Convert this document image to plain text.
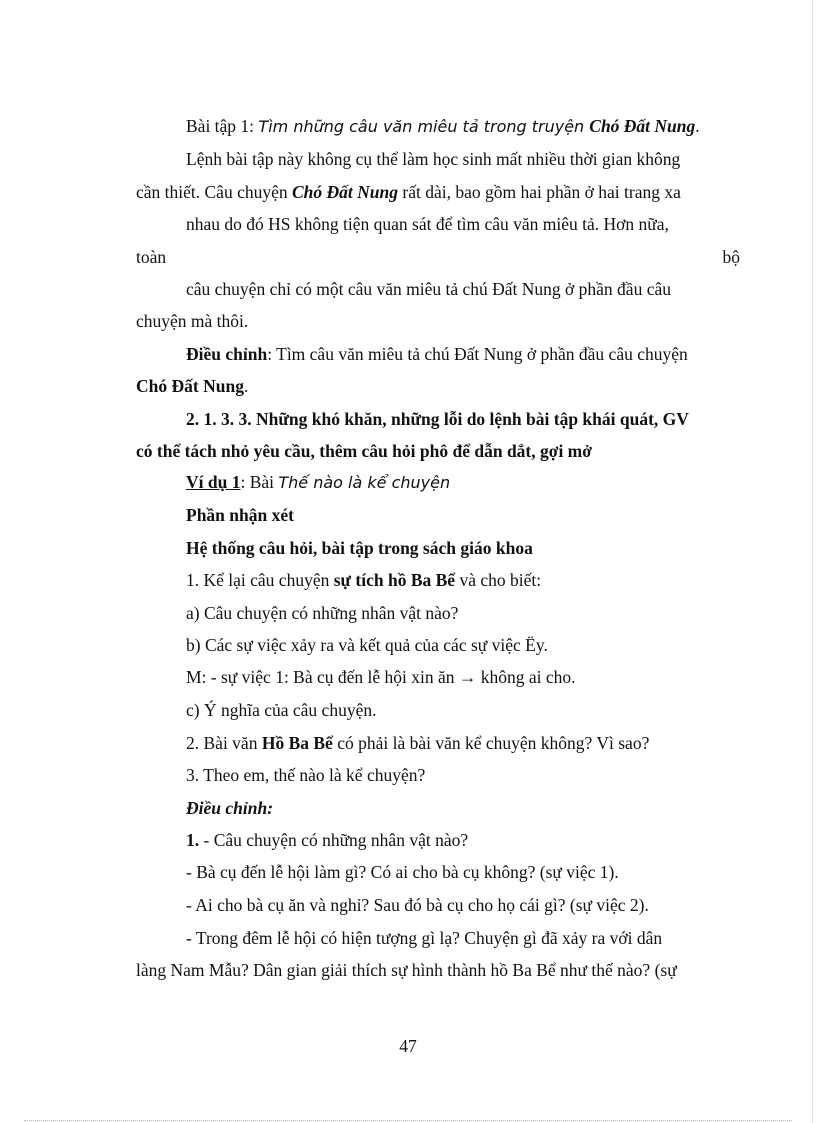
Bài tập 1: Tìm những câu văn miêu tả trong truyện Chó Đất Nung.
Lệnh bài tập này không cụ thể làm học sinh mất nhiều thời gian không
cần thiết. Câu chuyện Chó Đất Nung rất dài, bao gồm hai phần ở hai trang xa
nhau do đó HS không tiện quan sát để tìm câu văn miêu tả. Hơn nữa,
toàn	bộ
câu chuyện chỉ có một câu văn miêu tả chú Đất Nung ở phần đầu câu
chuyện mà thôi.
Điều chỉnh: Tìm câu văn miêu tả chú Đất Nung ở phần đầu câu chuyện
Chó Đất Nung.
2. 1. 3. 3. Những khó khăn, những lỗi do lệnh bài tập khái quát, GV
có thể tách nhỏ yêu cầu, thêm câu hỏi phô để dẫn dắt, gợi mở
Ví dụ 1: Bài Thế nào là kể chuyện
Phần nhận xét
Hệ thống câu hỏi, bài tập trong sách giáo khoa
1. Kể lại câu chuyện sự tích hồ Ba Bể và cho biết:
a) Câu chuyện có những nhân vật nào?
b) Các sự việc xảy ra và kết quả của các sự việc Ëy.
M: - sự việc 1: Bà cụ đến lễ hội xin ăn → không ai cho.
c) Ý nghĩa của câu chuyện.
2. Bài văn Hồ Ba Bể có phải là bài văn kể chuyện không? Vì sao?
3. Theo em, thế nào là kể chuyện?
Điều chỉnh:
1. - Câu chuyện có những nhân vật nào?
- Bà cụ đến lễ hội làm gì? Có ai cho bà cụ không? (sự việc 1).
- Ai cho bà cụ ăn và nghỉ? Sau đó bà cụ cho họ cái gì? (sự việc 2).
- Trong đêm lễ hội có hiện tượng gì lạ? Chuyện gì đã xảy ra với dân
làng Nam Mẫu? Dân gian giải thích sự hình thành hồ Ba Bể như thế nào? (sự
47
